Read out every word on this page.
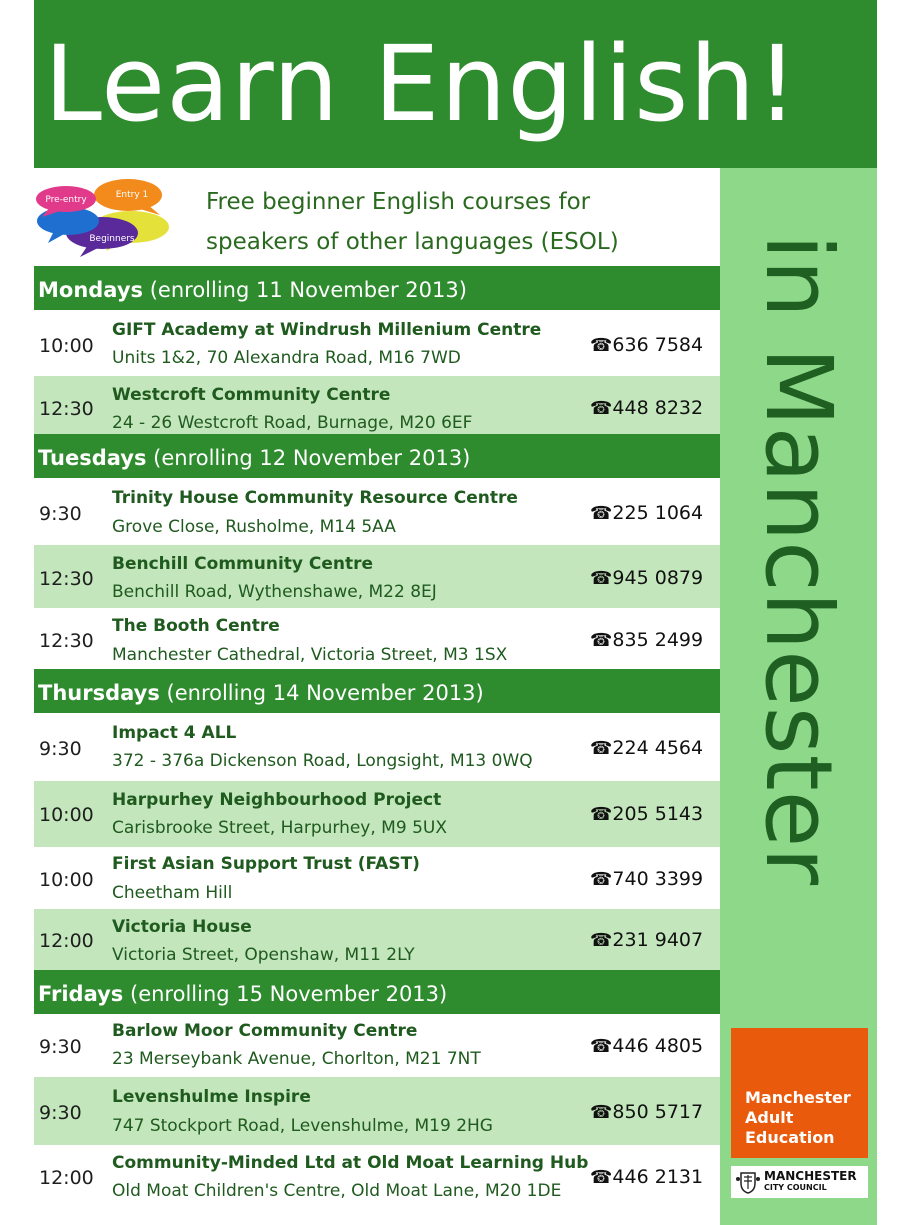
Learn English!
Pre-entry	Entry 1
Beginners
Free beginner English courses for
speakers of other languages (ESOL)
Mondays (enrolling 11 November 2013)
10:00
GIFT Academy at Windrush Millenium Centre
Units 1&2, 70 Alexandra Road, M16 7WD
☎636 7584
12:30
Westcroft Community Centre
24 - 26 Westcroft Road, Burnage, M20 6EF
☎448 8232
Tuesdays (enrolling 12 November 2013)
9:30
Trinity House Community Resource Centre
Grove Close, Rusholme, M14 5AA
☎225 1064
12:30
Benchill Community Centre
Benchill Road, Wythenshawe, M22 8EJ
☎945 0879
12:30
The Booth Centre
Manchester Cathedral, Victoria Street, M3 1SX
☎835 2499
Thursdays (enrolling 14 November 2013)
9:30
Impact 4 ALL
372 - 376a Dickenson Road, Longsight, M13 0WQ
☎224 4564
10:00
Harpurhey Neighbourhood Project
Carisbrooke Street, Harpurhey, M9 5UX
☎205 5143
10:00
First Asian Support Trust (FAST)
Cheetham Hill
☎740 3399
12:00
Victoria House
Victoria Street, Openshaw, M11 2LY
☎231 9407
Fridays (enrolling 15 November 2013)
9:30
Barlow Moor Community Centre
23 Merseybank Avenue, Chorlton, M21 7NT
☎446 4805
9:30
Levenshulme Inspire
747 Stockport Road, Levenshulme, M19 2HG
☎850 5717
12:00
Community-Minded Ltd at Old Moat Learning Hub
Old Moat Children's Centre, Old Moat Lane, M20 1DE
☎446 2131
in Manchester
Manchester
Adult
Education
MANCHESTER
CITY COUNCIL
